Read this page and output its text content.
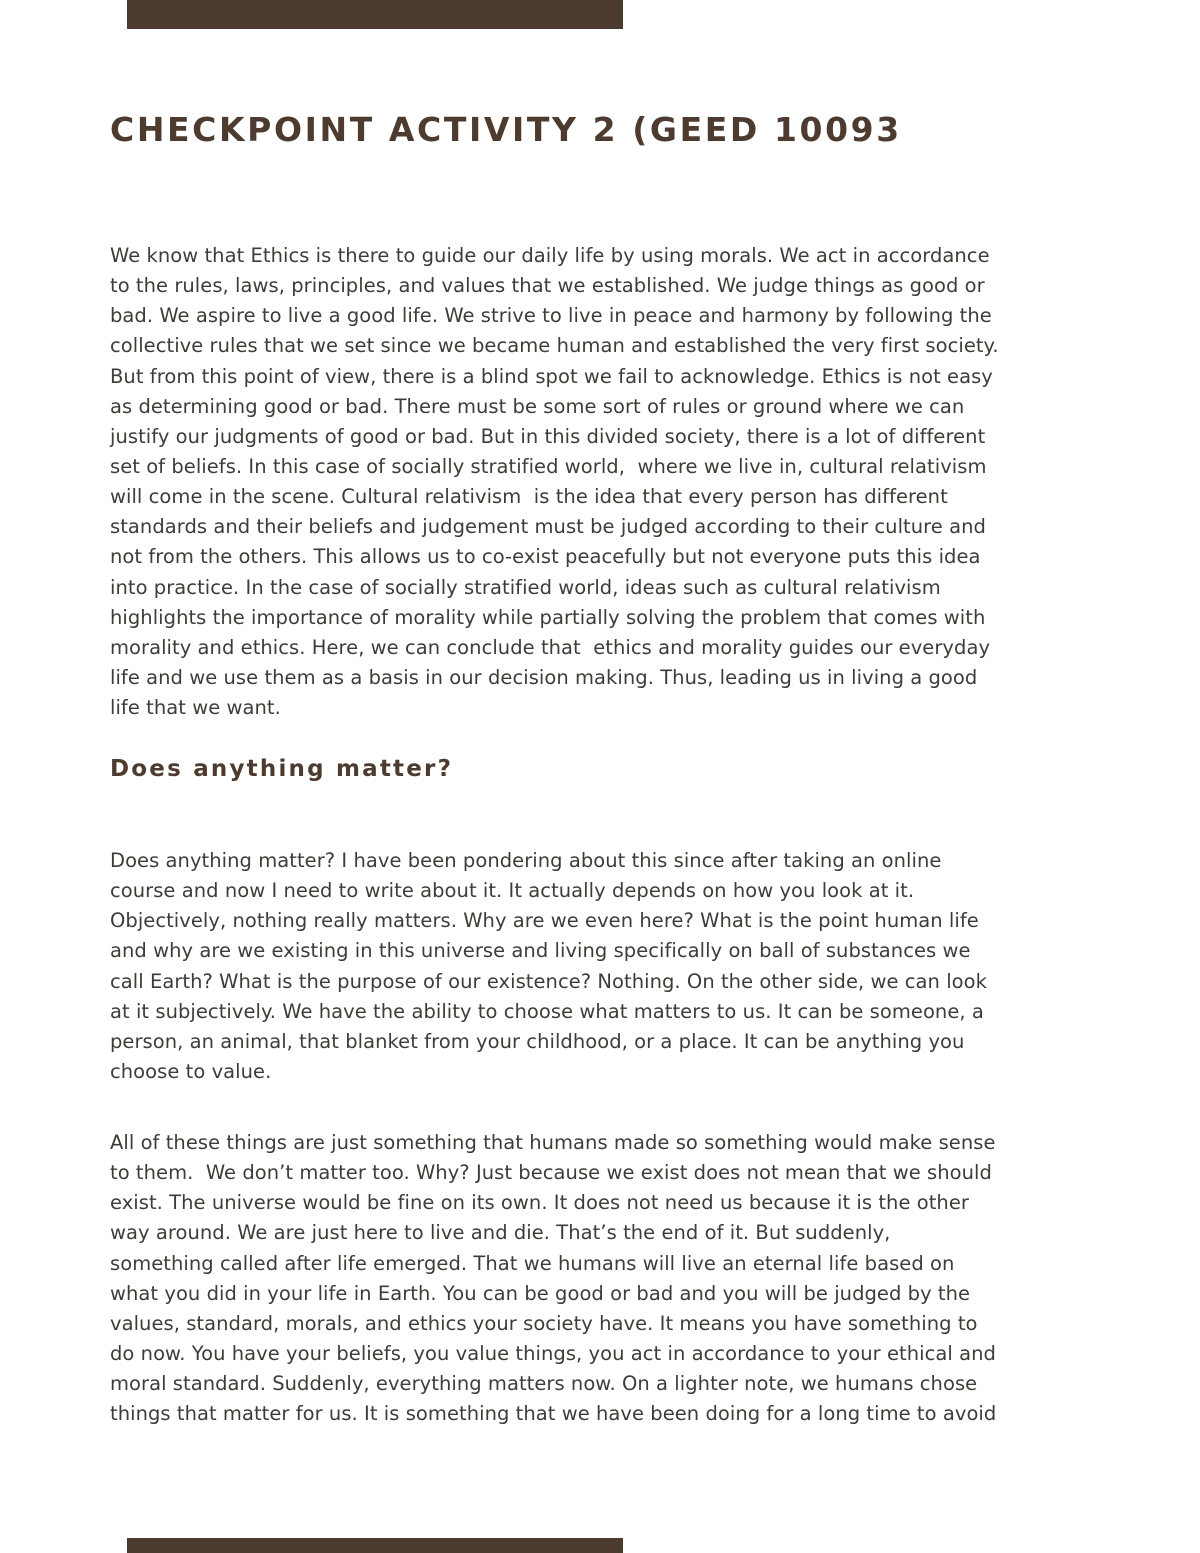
CHECKPOINT ACTIVITY 2 (GEED 10093
We know that Ethics is there to guide our daily life by using morals. We act in accordance
to the rules, laws, principles, and values that we established. We judge things as good or
bad. We aspire to live a good life. We strive to live in peace and harmony by following the
collective rules that we set since we became human and established the very first society.
But from this point of view, there is a blind spot we fail to acknowledge. Ethics is not easy
as determining good or bad. There must be some sort of rules or ground where we can
justify our judgments of good or bad. But in this divided society, there is a lot of different
set of beliefs. In this case of socially stratified world,  where we live in, cultural relativism
will come in the scene. Cultural relativism  is the idea that every person has different
standards and their beliefs and judgement must be judged according to their culture and
not from the others. This allows us to co-exist peacefully but not everyone puts this idea
into practice. In the case of socially stratified world, ideas such as cultural relativism
highlights the importance of morality while partially solving the problem that comes with
morality and ethics. Here, we can conclude that  ethics and morality guides our everyday
life and we use them as a basis in our decision making. Thus, leading us in living a good
life that we want.
Does anything matter?
Does anything matter? I have been pondering about this since after taking an online
course and now I need to write about it. It actually depends on how you look at it.
Objectively, nothing really matters. Why are we even here? What is the point human life
and why are we existing in this universe and living specifically on ball of substances we
call Earth? What is the purpose of our existence? Nothing. On the other side, we can look
at it subjectively. We have the ability to choose what matters to us. It can be someone, a
person, an animal, that blanket from your childhood, or a place. It can be anything you
choose to value.
All of these things are just something that humans made so something would make sense
to them.  We don’t matter too. Why? Just because we exist does not mean that we should
exist. The universe would be fine on its own. It does not need us because it is the other
way around. We are just here to live and die. That’s the end of it. But suddenly,
something called after life emerged. That we humans will live an eternal life based on
what you did in your life in Earth. You can be good or bad and you will be judged by the
values, standard, morals, and ethics your society have. It means you have something to
do now. You have your beliefs, you value things, you act in accordance to your ethical and
moral standard. Suddenly, everything matters now. On a lighter note, we humans chose
things that matter for us. It is something that we have been doing for a long time to avoid
